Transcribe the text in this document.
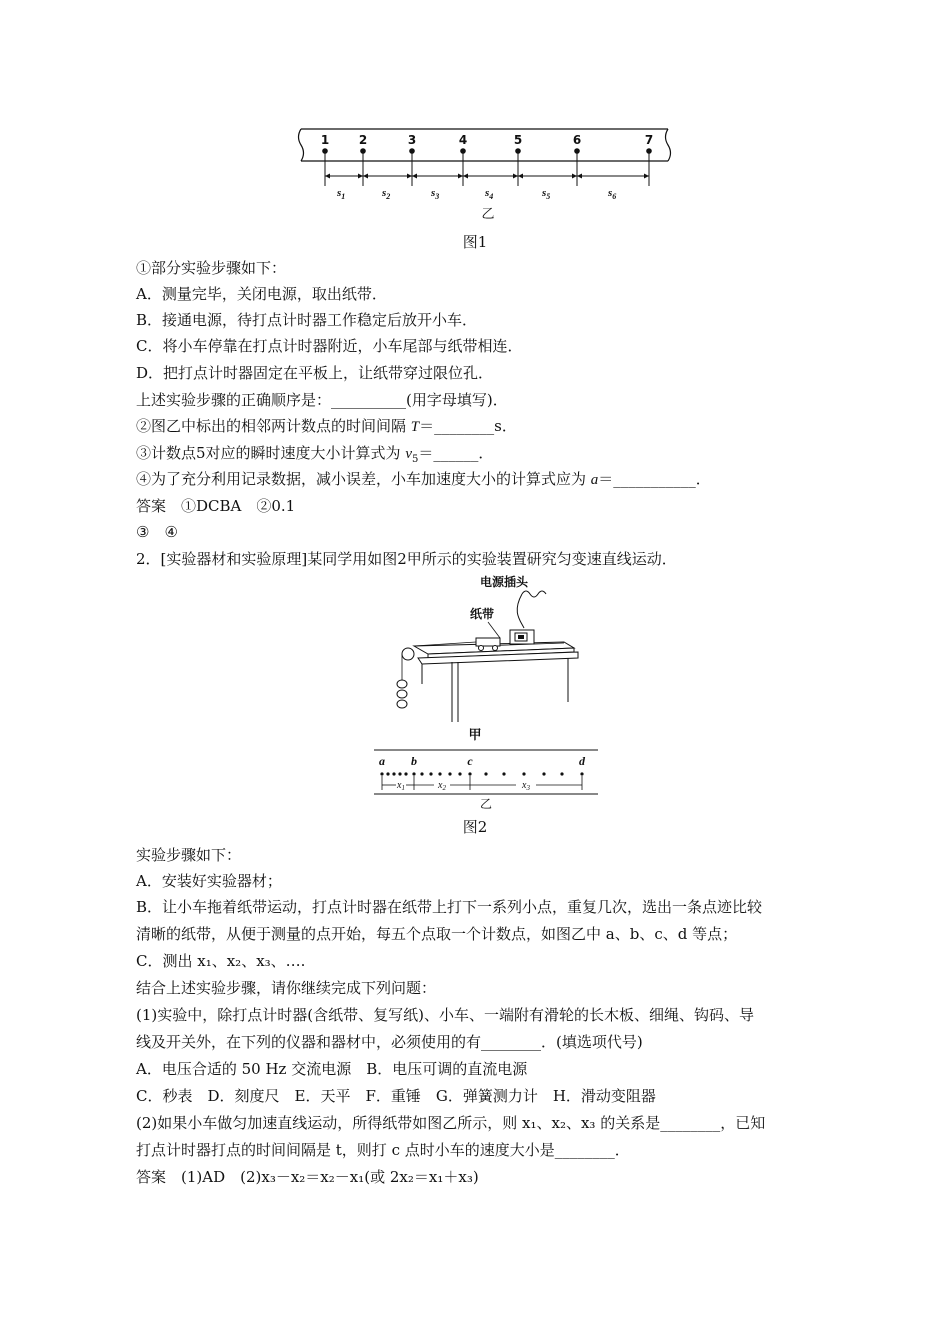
1 2	3	4	5	6	7
$s_1$	$s_2$	$s_3$	$s_4$	$s_5$	$s_6$
乙
图1
①部分实验步骤如下：
A．测量完毕，关闭电源，取出纸带．
B．接通电源，待打点计时器工作稳定后放开小车．
C．将小车停靠在打点计时器附近，小车尾部与纸带相连．
D．把打点计时器固定在平板上，让纸带穿过限位孔．
上述实验步骤的正确顺序是：__________(用字母填写)．
②图乙中标出的相邻两计数点的时间间隔 T＝________s．
③计数点5对应的瞬时速度大小计算式为 $v_5=\_\_\_\_\_\_$．
④为了充分利用记录数据，减小误差，小车加速度大小的计算式应为 a＝___________．
答案　①DCBA　②0.1
③　④
2．[实验器材和实验原理]某同学用如图2甲所示的实验装置研究匀变速直线运动．
电源插头
纸带
甲
a b	c	d
$x_1$	$x_2$	$x_3$
乙
图2
实验步骤如下：
A．安装好实验器材；
B．让小车拖着纸带运动，打点计时器在纸带上打下一系列小点，重复几次，选出一条点迹比较
清晰的纸带，从便于测量的点开始，每五个点取一个计数点，如图乙中 a、b、c、d 等点；
C．测出 x₁、x₂、x₃、….
结合上述实验步骤，请你继续完成下列问题：
(1)实验中，除打点计时器(含纸带、复写纸)、小车、一端附有滑轮的长木板、细绳、钩码、导
线及开关外，在下列的仪器和器材中，必须使用的有________．(填选项代号)
A．电压合适的 50 Hz 交流电源　B．电压可调的直流电源
C．秒表　D．刻度尺　E．天平　F．重锤　G．弹簧测力计　H．滑动变阻器
(2)如果小车做匀加速直线运动，所得纸带如图乙所示，则 x₁、x₂、x₃ 的关系是________，已知
打点计时器打点的时间间隔是 t，则打 c 点时小车的速度大小是________．
答案　(1)AD　(2)x₃－x₂＝x₂－x₁(或 2x₂＝x₁＋x₃)
